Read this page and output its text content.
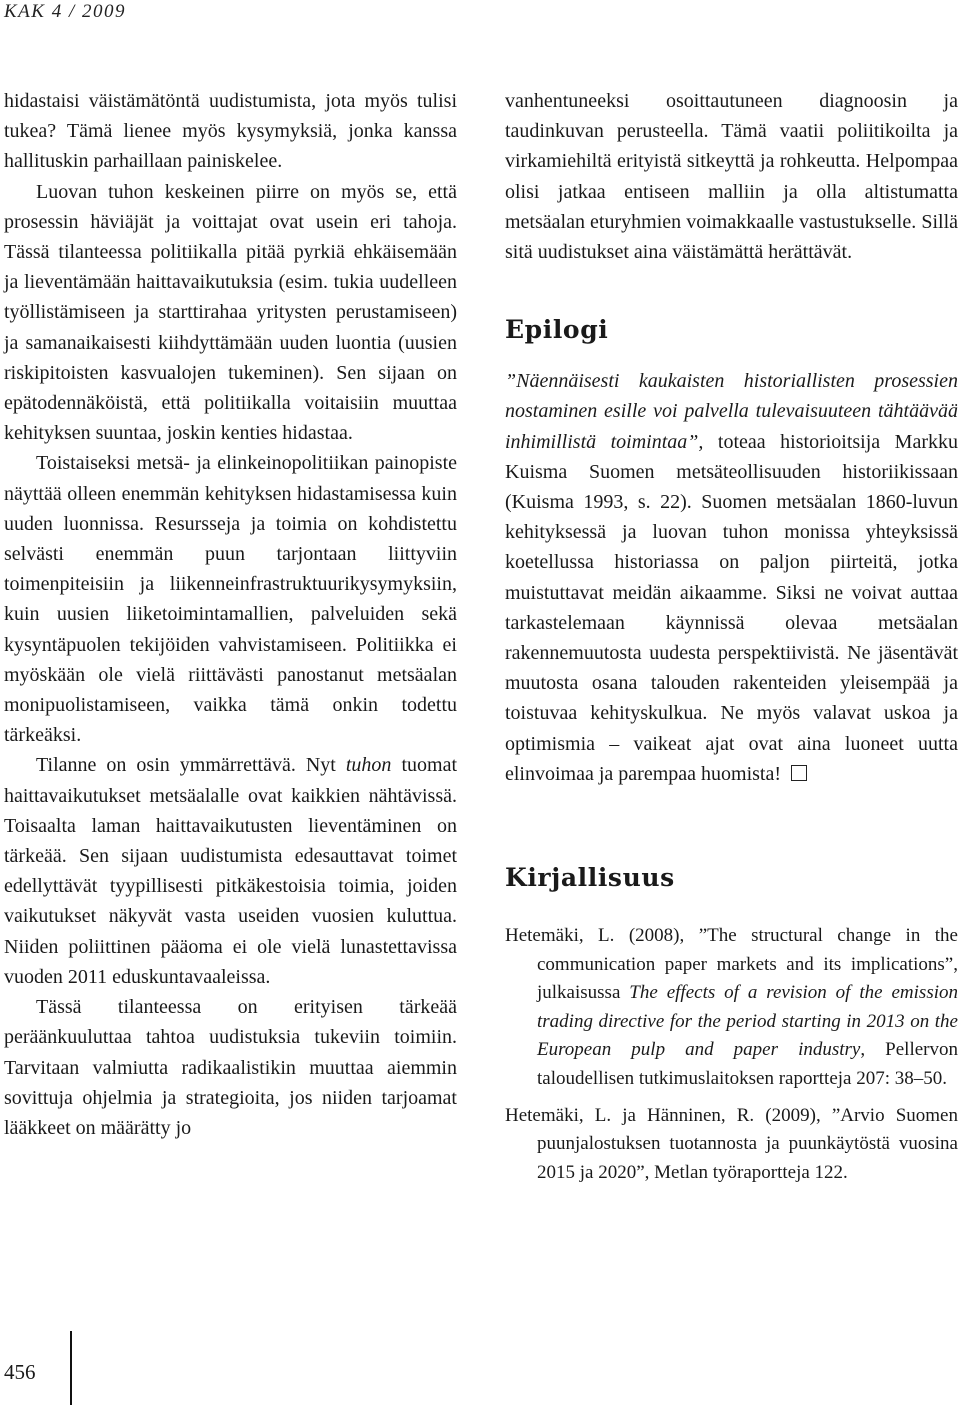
KAK 4 / 2009

hidastaisi väistämätöntä uudistumista, jota myös tulisi tukea? Tämä lienee myös kysymyksiä, jonka kanssa hallituskin parhaillaan painiskelee.

Luovan tuhon keskeinen piirre on myös se, että prosessin häviäjät ja voittajat ovat usein eri tahoja. Tässä tilanteessa politiikalla pitää pyrkiä ehkäisemään ja lieventämään haittavaikutuksia (esim. tukia uudelleen työllistämiseen ja starttirahaa yritysten perustamiseen) ja samanaikaisesti kiihdyttämään uuden luontia (uusien riskipitoisten kasvualojen tukeminen). Sen sijaan on epätodennäköistä, että politiikalla voitaisiin muuttaa kehityksen suuntaa, joskin kenties hidastaa.

Toistaiseksi metsä- ja elinkeinopolitiikan painopiste näyttää olleen enemmän kehityksen hidastamisessa kuin uuden luonnissa. Resursseja ja toimia on kohdistettu selvästi enemmän puun tarjontaan liittyviin toimenpiteisiin ja liikenneinfrastruktuurikysymyksiin, kuin uusien liiketoimintamallien, palveluiden sekä kysyntäpuolen tekijöiden vahvistamiseen. Politiikka ei myöskään ole vielä riittävästi panostanut metsäalan monipuolistamiseen, vaikka tämä onkin todettu tärkeäksi.

Tilanne on osin ymmärrettävä. Nyt tuhon tuomat haittavaikutukset metsäalalle ovat kaikkien nähtävissä. Toisaalta laman haittavaikutusten lieventäminen on tärkeää. Sen sijaan uudistumista edesauttavat toimet edellyttävät tyypillisesti pitkäkestoisia toimia, joiden vaikutukset näkyvät vasta useiden vuosien kuluttua. Niiden poliittinen pääoma ei ole vielä lunastettavissa vuoden 2011 eduskuntavaaleissa.

Tässä tilanteessa on erityisen tärkeää peräänkuuluttaa tahtoa uudistuksia tukeviin toimiin. Tarvitaan valmiutta radikaalistikin muuttaa aiemmin sovittuja ohjelmia ja strategioita, jos niiden tarjoamat lääkkeet on määrätty jo

vanhentuneeksi osoittautuneen diagnoosin ja taudinkuvan perusteella. Tämä vaatii poliitikoilta ja virkamiehiltä erityistä sitkeyttä ja rohkeutta. Helpompaa olisi jatkaa entiseen malliin ja olla altistumatta metsäalan eturyhmien voimakkaalle vastustukselle. Sillä sitä uudistukset aina väistämättä herättävät.

Epilogi

”Näennäisesti kaukaisten historiallisten prosessien nostaminen esille voi palvella tulevaisuuteen tähtäävää inhimillistä toimintaa”, toteaa historioitsija Markku Kuisma Suomen metsäteollisuuden historiikissaan (Kuisma 1993, s. 22). Suomen metsäalan 1860-luvun kehityksessä ja luovan tuhon monissa yhteyksissä koetellussa historiassa on paljon piirteitä, jotka muistuttavat meidän aikaamme. Siksi ne voivat auttaa tarkastelemaan käynnissä olevaa metsäalan rakennemuutosta uudesta perspektiivistä. Ne jäsentävät muutosta osana talouden rakenteiden yleisempää ja toistuvaa kehityskulkua. Ne myös valavat uskoa ja optimismia – vaikeat ajat ovat aina luoneet uutta elinvoimaa ja parempaa huomista!

Kirjallisuus

Hetemäki, L. (2008), ”The structural change in the communication paper markets and its implications”, julkaisussa The effects of a revision of the emission trading directive for the period starting in 2013 on the European pulp and paper industry, Pellervon taloudellisen tutkimuslaitoksen raportteja 207: 38–50.

Hetemäki, L. ja Hänninen, R. (2009), ”Arvio Suomen puunjalostuksen tuotannosta ja puunkäytöstä vuosina 2015 ja 2020”, Metlan työraportteja 122.

456
